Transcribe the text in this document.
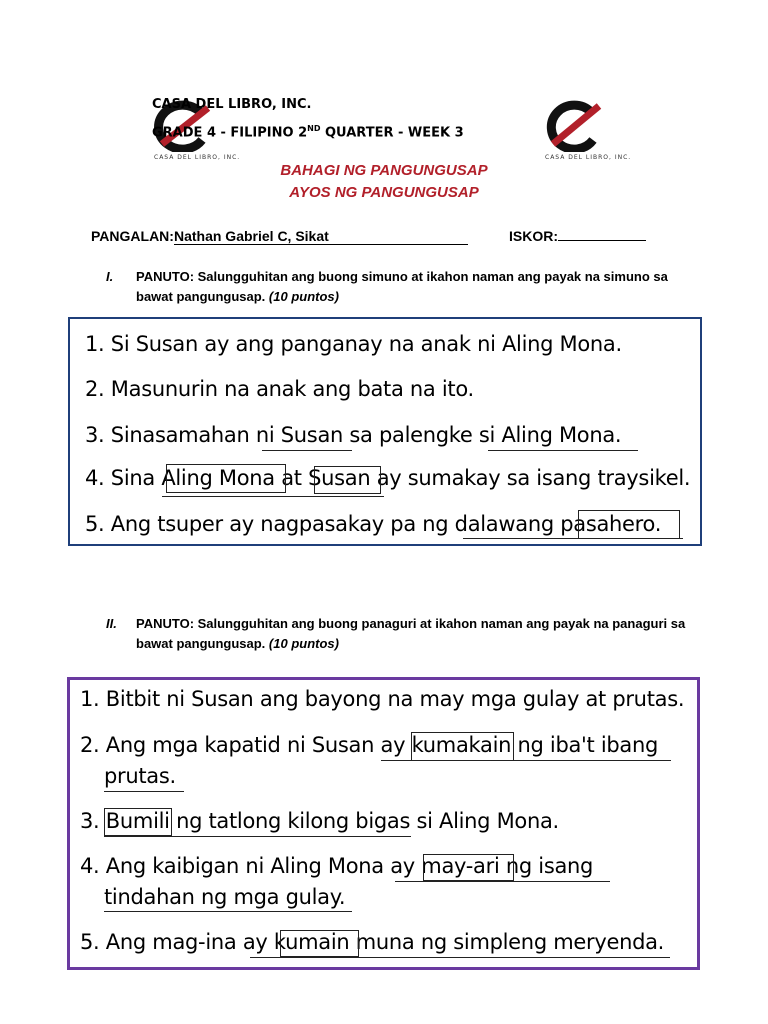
CASA DEL LIBRO, INC.	CASA DEL LIBRO, INC.
CASA DEL LIBRO, INC.
GRADE 4 - FILIPINO 2ND QUARTER - WEEK 3
BAHAGI NG PANGUNGUSAP
AYOS NG PANGUNGUSAP
PANGALAN:Nathan Gabriel C, Sikat	ISKOR:
I. PANUTO: Salungguhitan ang buong simuno at ikahon naman ang payak na simuno sa bawat pangungusap. (10 puntos)
1. Si Susan ay ang panganay na anak ni Aling Mona.
2. Masunurin na anak ang bata na ito.
3. Sinasamahan ni Susan sa palengke si Aling Mona.
4. Sina Aling Mona at Susan ay sumakay sa isang traysikel.
5. Ang tsuper ay nagpasakay pa ng dalawang pasahero.
II. PANUTO: Salungguhitan ang buong panaguri at ikahon naman ang payak na panaguri sa bawat pangungusap. (10 puntos)
1. Bitbit ni Susan ang bayong na may mga gulay at prutas.
2. Ang mga kapatid ni Susan ay kumakain ng iba't ibang
prutas.
3. Bumili ng tatlong kilong bigas si Aling Mona.
4. Ang kaibigan ni Aling Mona ay may-ari ng isang
tindahan ng mga gulay.
5. Ang mag-ina ay kumain muna ng simpleng meryenda.
